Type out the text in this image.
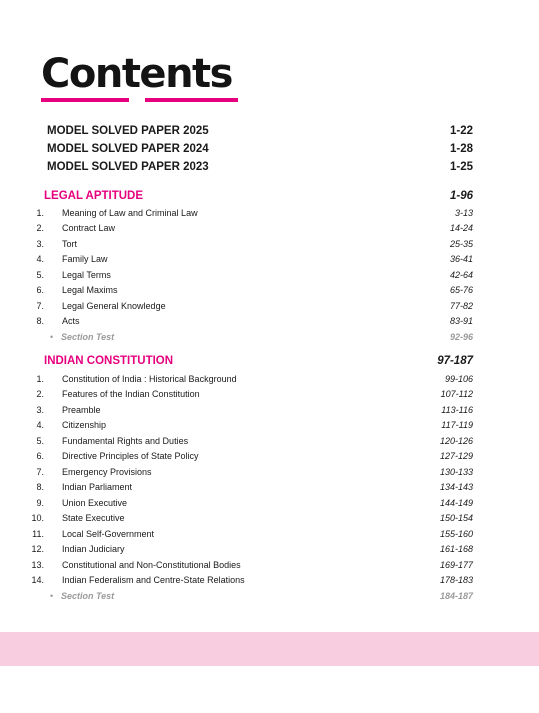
Contents
MODEL SOLVED PAPER 2025	1-22
MODEL SOLVED PAPER 2024	1-28
MODEL SOLVED PAPER 2023	1-25
LEGAL APTITUDE	1-96
1. Meaning of Law and Criminal Law	3-13
2. Contract Law	14-24
3. Tort	25-35
4. Family Law	36-41
5. Legal Terms	42-64
6. Legal Maxims	65-76
7. Legal General Knowledge	77-82
8. Acts	83-91
• Section Test	92-96
INDIAN CONSTITUTION	97-187
1. Constitution of India : Historical Background	99-106
2. Features of the Indian Constitution	107-112
3. Preamble	113-116
4. Citizenship	117-119
5. Fundamental Rights and Duties	120-126
6. Directive Principles of State Policy	127-129
7. Emergency Provisions	130-133
8. Indian Parliament	134-143
9. Union Executive	144-149
10. State Executive	150-154
11. Local Self-Government	155-160
12. Indian Judiciary	161-168
13. Constitutional and Non-Constitutional Bodies	169-177
14. Indian Federalism and Centre-State Relations	178-183
• Section Test	184-187
